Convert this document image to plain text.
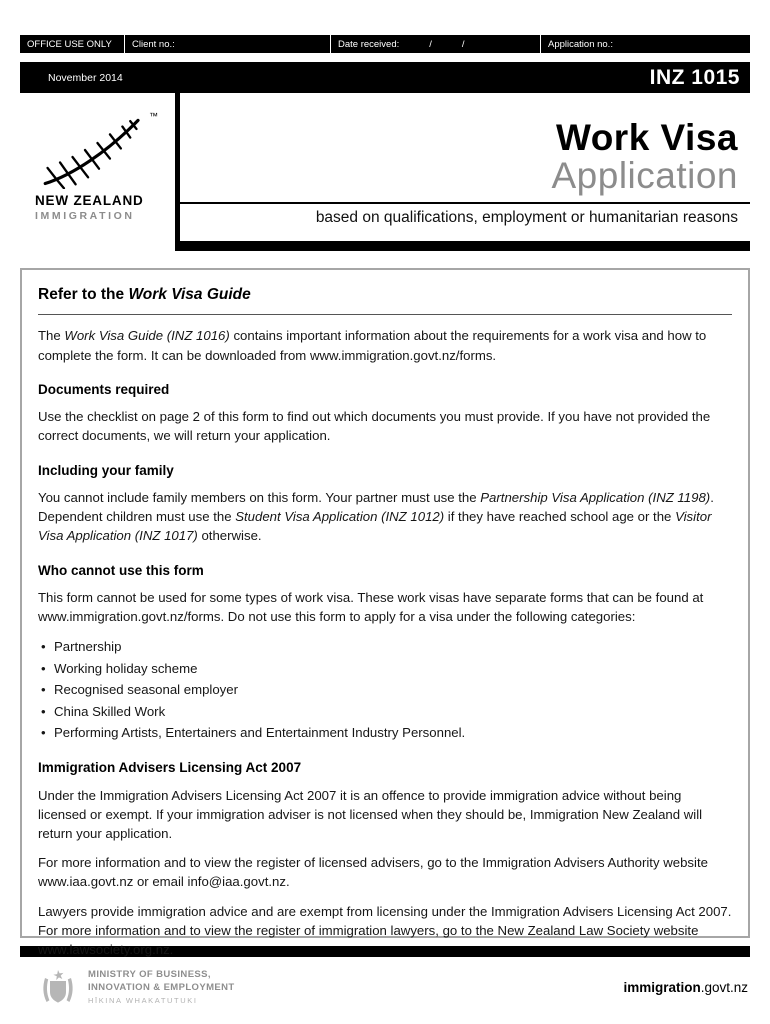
OFFICE USE ONLY Client no.:	Date received:	/	/	Application no.:
November 2014	INZ 1015
™
NEW ZEALAND
IMMIGRATION
Work Visa
Application
based on qualifications, employment or humanitarian reasons
Refer to the Work Visa Guide

The Work Visa Guide (INZ 1016) contains important information about the requirements for a work visa and how to complete the form. It can be downloaded from www.immigration.govt.nz/forms.

Documents required

Use the checklist on page 2 of this form to find out which documents you must provide. If you have not provided the correct documents, we will return your application.

Including your family

You cannot include family members on this form. Your partner must use the Partnership Visa Application (INZ 1198). Dependent children must use the Student Visa Application (INZ 1012) if they have reached school age or the Visitor Visa Application (INZ 1017) otherwise.

Who cannot use this form

This form cannot be used for some types of work visa. These work visas have separate forms that can be found at www.immigration.govt.nz/forms. Do not use this form to apply for a visa under the following categories:

• Partnership
• Working holiday scheme
• Recognised seasonal employer
• China Skilled Work
• Performing Artists, Entertainers and Entertainment Industry Personnel.
Immigration Advisers Licensing Act 2007

Under the Immigration Advisers Licensing Act 2007 it is an offence to provide immigration advice without being licensed or exempt. If your immigration adviser is not licensed when they should be, Immigration New Zealand will return your application.

For more information and to view the register of licensed advisers, go to the Immigration Advisers Authority website www.iaa.govt.nz or email info@iaa.govt.nz.

Lawyers provide immigration advice and are exempt from licensing under the Immigration Advisers Licensing Act 2007. For more information and to view the register of immigration lawyers, go to the New Zealand Law Society website www.lawsociety.org.nz.

MINISTRY OF BUSINESS,
INNOVATION & EMPLOYMENT
HĪKINA WHAKATUTUKI
immigration.govt.nz
